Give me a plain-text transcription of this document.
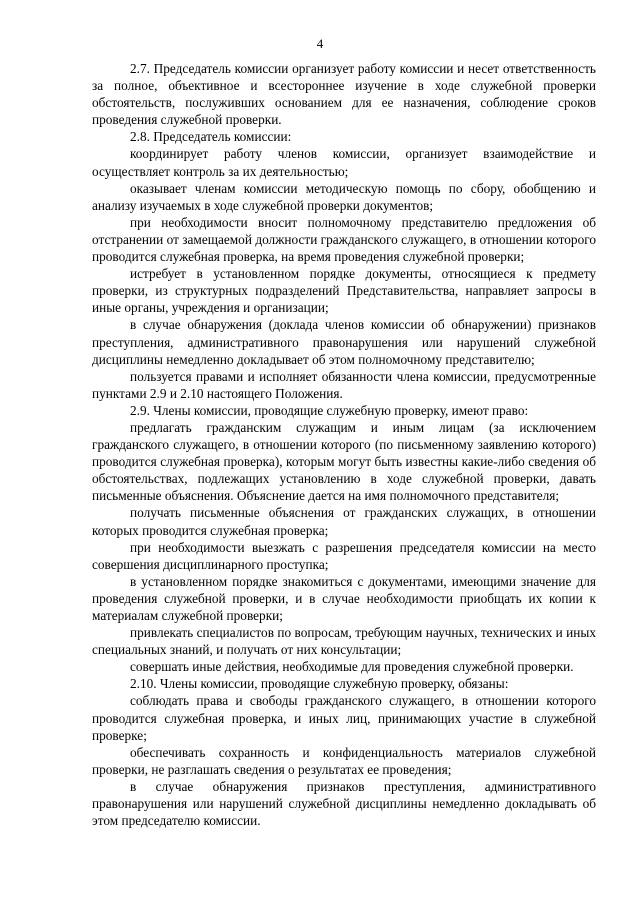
4

2.7. Председатель комиссии организует работу комиссии и несет ответственность за полное, объективное и всестороннее изучение в ходе служебной проверки обстоятельств, послуживших основанием для ее назначения, соблюдение сроков проведения служебной проверки.

2.8. Председатель комиссии:

координирует работу членов комиссии, организует взаимодействие и осуществляет контроль за их деятельностью;

оказывает членам комиссии методическую помощь по сбору, обобщению и анализу изучаемых в ходе служебной проверки документов;

при необходимости вносит полномочному представителю предложения об отстранении от замещаемой должности гражданского служащего, в отношении которого проводится служебная проверка, на время проведения служебной проверки;

истребует в установленном порядке документы, относящиеся к предмету проверки, из структурных подразделений Представительства, направляет запросы в иные органы, учреждения и организации;

в случае обнаружения (доклада членов комиссии об обнаружении) признаков преступления, административного правонарушения или нарушений служебной дисциплины немедленно докладывает об этом полномочному представителю;

пользуется правами и исполняет обязанности члена комиссии, предусмотренные пунктами 2.9 и 2.10 настоящего Положения.

2.9. Члены комиссии, проводящие служебную проверку, имеют право:

предлагать гражданским служащим и иным лицам (за исключением гражданского служащего, в отношении которого (по письменному заявлению которого) проводится служебная проверка), которым могут быть известны какие-либо сведения об обстоятельствах, подлежащих установлению в ходе служебной проверки, давать письменные объяснения. Объяснение дается на имя полномочного представителя;

получать письменные объяснения от гражданских служащих, в отношении которых проводится служебная проверка;

при необходимости выезжать с разрешения председателя комиссии на место совершения дисциплинарного проступка;

в установленном порядке знакомиться с документами, имеющими значение для проведения служебной проверки, и в случае необходимости приобщать их копии к материалам служебной проверки;

привлекать специалистов по вопросам, требующим научных, технических и иных специальных знаний, и получать от них консультации;

совершать иные действия, необходимые для проведения служебной проверки.

2.10. Члены комиссии, проводящие служебную проверку, обязаны:

соблюдать права и свободы гражданского служащего, в отношении которого проводится служебная проверка, и иных лиц, принимающих участие в служебной проверке;

обеспечивать сохранность и конфиденциальность материалов служебной проверки, не разглашать сведения о результатах ее проведения;

в случае обнаружения признаков преступления, административного правонарушения или нарушений служебной дисциплины немедленно докладывать об этом председателю комиссии.
